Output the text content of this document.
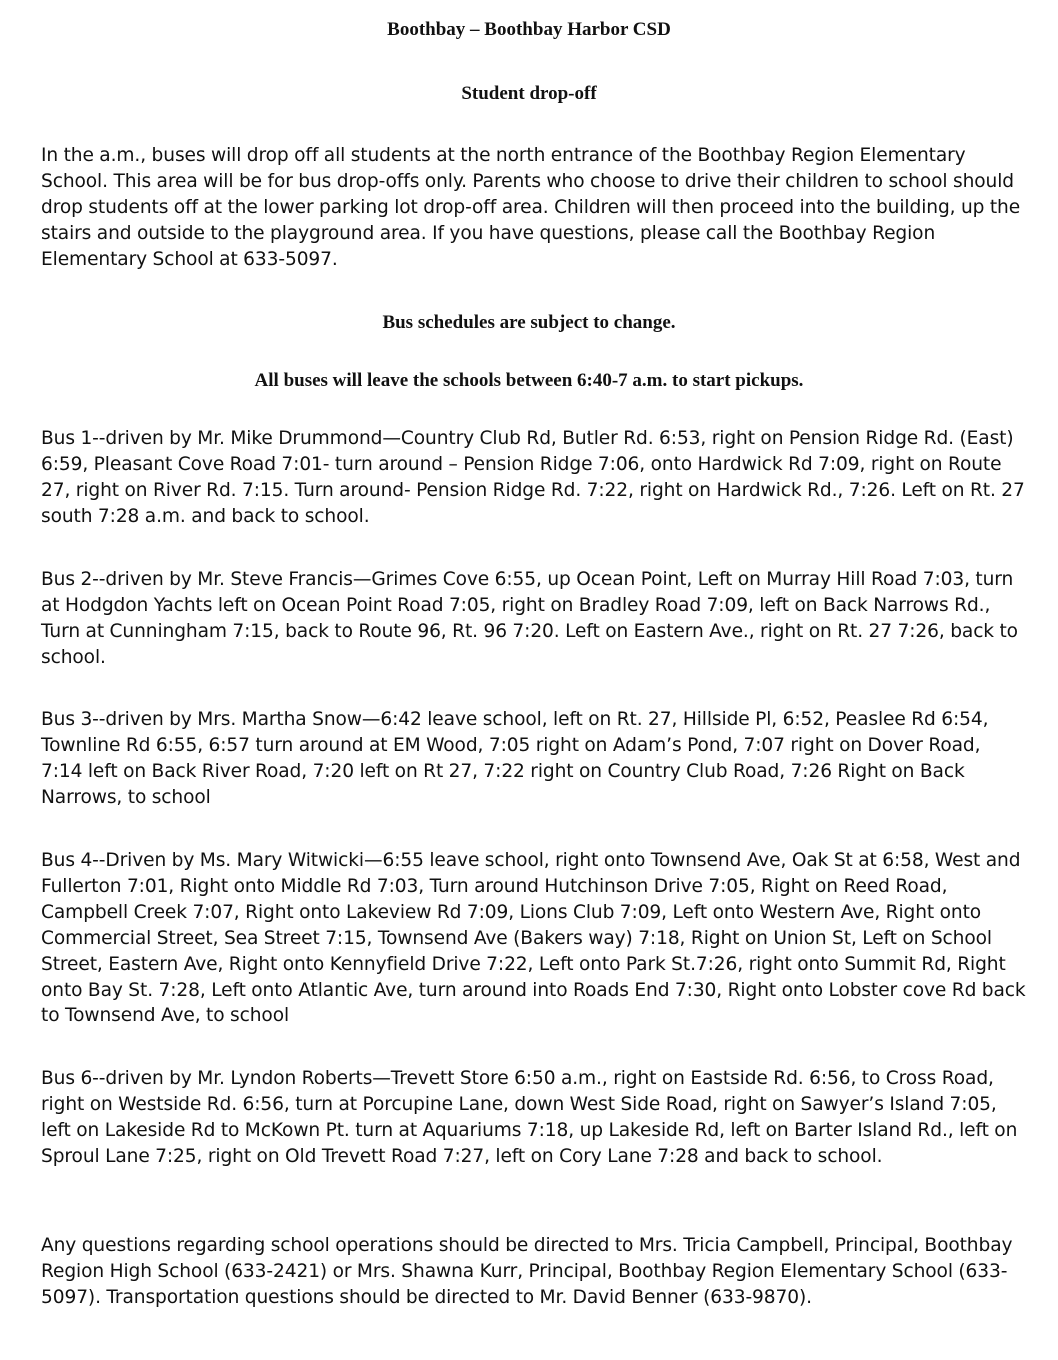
Boothbay – Boothbay Harbor CSD
Student drop-off

In the a.m., buses will drop off all students at the north entrance of the Boothbay Region Elementary School. This area will be for bus drop-offs only. Parents who choose to drive their children to school should drop students off at the lower parking lot drop-off area. Children will then proceed into the building, up the stairs and outside to the playground area. If you have questions, please call the Boothbay Region Elementary School at 633-5097.

Bus schedules are subject to change.
All buses will leave the schools between 6:40-7 a.m. to start pickups.

Bus 1--driven by Mr. Mike Drummond—Country Club Rd, Butler Rd. 6:53, right on Pension Ridge Rd. (East) 6:59, Pleasant Cove Road 7:01- turn around – Pension Ridge 7:06, onto Hardwick Rd 7:09, right on Route 27, right on River Rd. 7:15. Turn around- Pension Ridge Rd. 7:22, right on Hardwick Rd., 7:26. Left on Rt. 27 south 7:28 a.m. and back to school.

Bus 2--driven by Mr. Steve Francis—Grimes Cove 6:55, up Ocean Point, Left on Murray Hill Road 7:03, turn at Hodgdon Yachts left on Ocean Point Road 7:05, right on Bradley Road 7:09, left on Back Narrows Rd., Turn at Cunningham 7:15, back to Route 96, Rt. 96 7:20. Left on Eastern Ave., right on Rt. 27 7:26, back to school.

Bus 3--driven by Mrs. Martha Snow—6:42 leave school, left on Rt. 27, Hillside Pl, 6:52, Peaslee Rd 6:54, Townline Rd 6:55, 6:57 turn around at EM Wood, 7:05 right on Adam’s Pond, 7:07 right on Dover Road, 7:14 left on Back River Road, 7:20 left on Rt 27, 7:22 right on Country Club Road, 7:26 Right on Back Narrows, to school

Bus 4--Driven by Ms. Mary Witwicki—6:55 leave school, right onto Townsend Ave, Oak St at 6:58, West and Fullerton 7:01, Right onto Middle Rd 7:03, Turn around Hutchinson Drive 7:05, Right on Reed Road, Campbell Creek 7:07, Right onto Lakeview Rd 7:09, Lions Club 7:09, Left onto Western Ave, Right onto Commercial Street, Sea Street 7:15, Townsend Ave (Bakers way) 7:18, Right on Union St, Left on School Street, Eastern Ave, Right onto Kennyfield Drive 7:22, Left onto Park St.7:26, right onto Summit Rd, Right onto Bay St. 7:28, Left onto Atlantic Ave, turn around into Roads End 7:30, Right onto Lobster cove Rd back to Townsend Ave, to school

Bus 6--driven by Mr. Lyndon Roberts—Trevett Store 6:50 a.m., right on Eastside Rd. 6:56, to Cross Road, right on Westside Rd. 6:56, turn at Porcupine Lane, down West Side Road, right on Sawyer’s Island 7:05, left on Lakeside Rd to McKown Pt. turn at Aquariums 7:18, up Lakeside Rd, left on Barter Island Rd., left on Sproul Lane 7:25, right on Old Trevett Road 7:27, left on Cory Lane 7:28 and back to school.

Any questions regarding school operations should be directed to Mrs. Tricia Campbell, Principal, Boothbay Region High School (633-2421) or Mrs. Shawna Kurr, Principal, Boothbay Region Elementary School (633-5097). Transportation questions should be directed to Mr. David Benner (633-9870).
